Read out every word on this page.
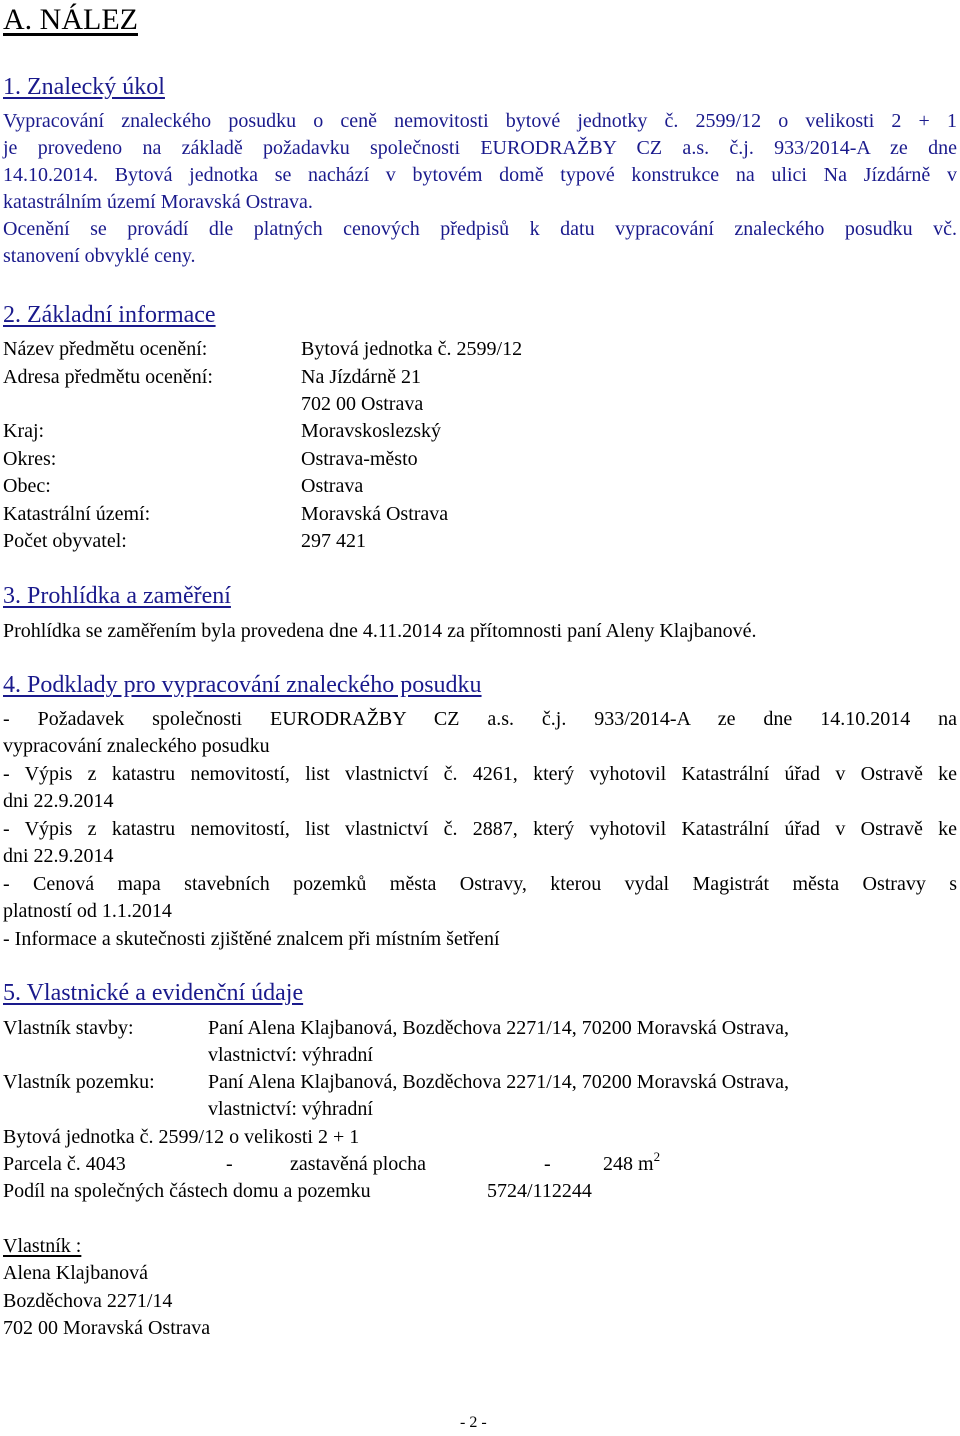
A. NÁLEZ
1. Znalecký úkol
Vypracování znaleckého posudku o ceně nemovitosti bytové jednotky č. 2599/12 o velikosti 2 + 1
je provedeno na základě požadavku společnosti EURODRAŽBY CZ a.s. č.j. 933/2014-A ze dne
14.10.2014. Bytová jednotka se nachází v bytovém domě typové konstrukce na ulici Na Jízdárně v
katastrálním území Moravská Ostrava.
Ocenění se provádí dle platných cenových předpisů k datu vypracování znaleckého posudku vč.
stanovení obvyklé ceny.
2. Základní informace
Název předmětu ocenění:	Bytová jednotka č. 2599/12
Adresa předmětu ocenění:	Na Jízdárně 21
702 00 Ostrava
Kraj:	Moravskoslezský
Okres:	Ostrava-město
Obec:	Ostrava
Katastrální území:	Moravská Ostrava
Počet obyvatel:	297 421
3. Prohlídka a zaměření
Prohlídka se zaměřením byla provedena dne 4.11.2014 za přítomnosti paní Aleny Klajbanové.
4. Podklady pro vypracování znaleckého posudku
- Požadavek společnosti EURODRAŽBY CZ a.s. č.j. 933/2014-A ze dne 14.10.2014 na
vypracování znaleckého posudku
- Výpis z katastru nemovitostí, list vlastnictví č. 4261, který vyhotovil Katastrální úřad v Ostravě ke
dni 22.9.2014
- Výpis z katastru nemovitostí, list vlastnictví č. 2887, který vyhotovil Katastrální úřad v Ostravě ke
dni 22.9.2014
- Cenová mapa stavebních pozemků města Ostravy, kterou vydal Magistrát města Ostravy s
platností od 1.1.2014
- Informace a skutečnosti zjištěné znalcem při místním šetření
5. Vlastnické a evidenční údaje
Vlastník stavby:	Paní Alena Klajbanová, Bozděchova 2271/14, 70200 Moravská Ostrava,
vlastnictví: výhradní
Vlastník pozemku:	Paní Alena Klajbanová, Bozděchova 2271/14, 70200 Moravská Ostrava,
vlastnictví: výhradní
Bytová jednotka č. 2599/12 o velikosti 2 + 1
Parcela č. 4043	-	zastavěná plocha	-	248 $m^2$
Podíl na společných částech domu a pozemku	5724/112244
Vlastník :
Alena Klajbanová
Bozděchova 2271/14
702 00 Moravská Ostrava
- 2 -
